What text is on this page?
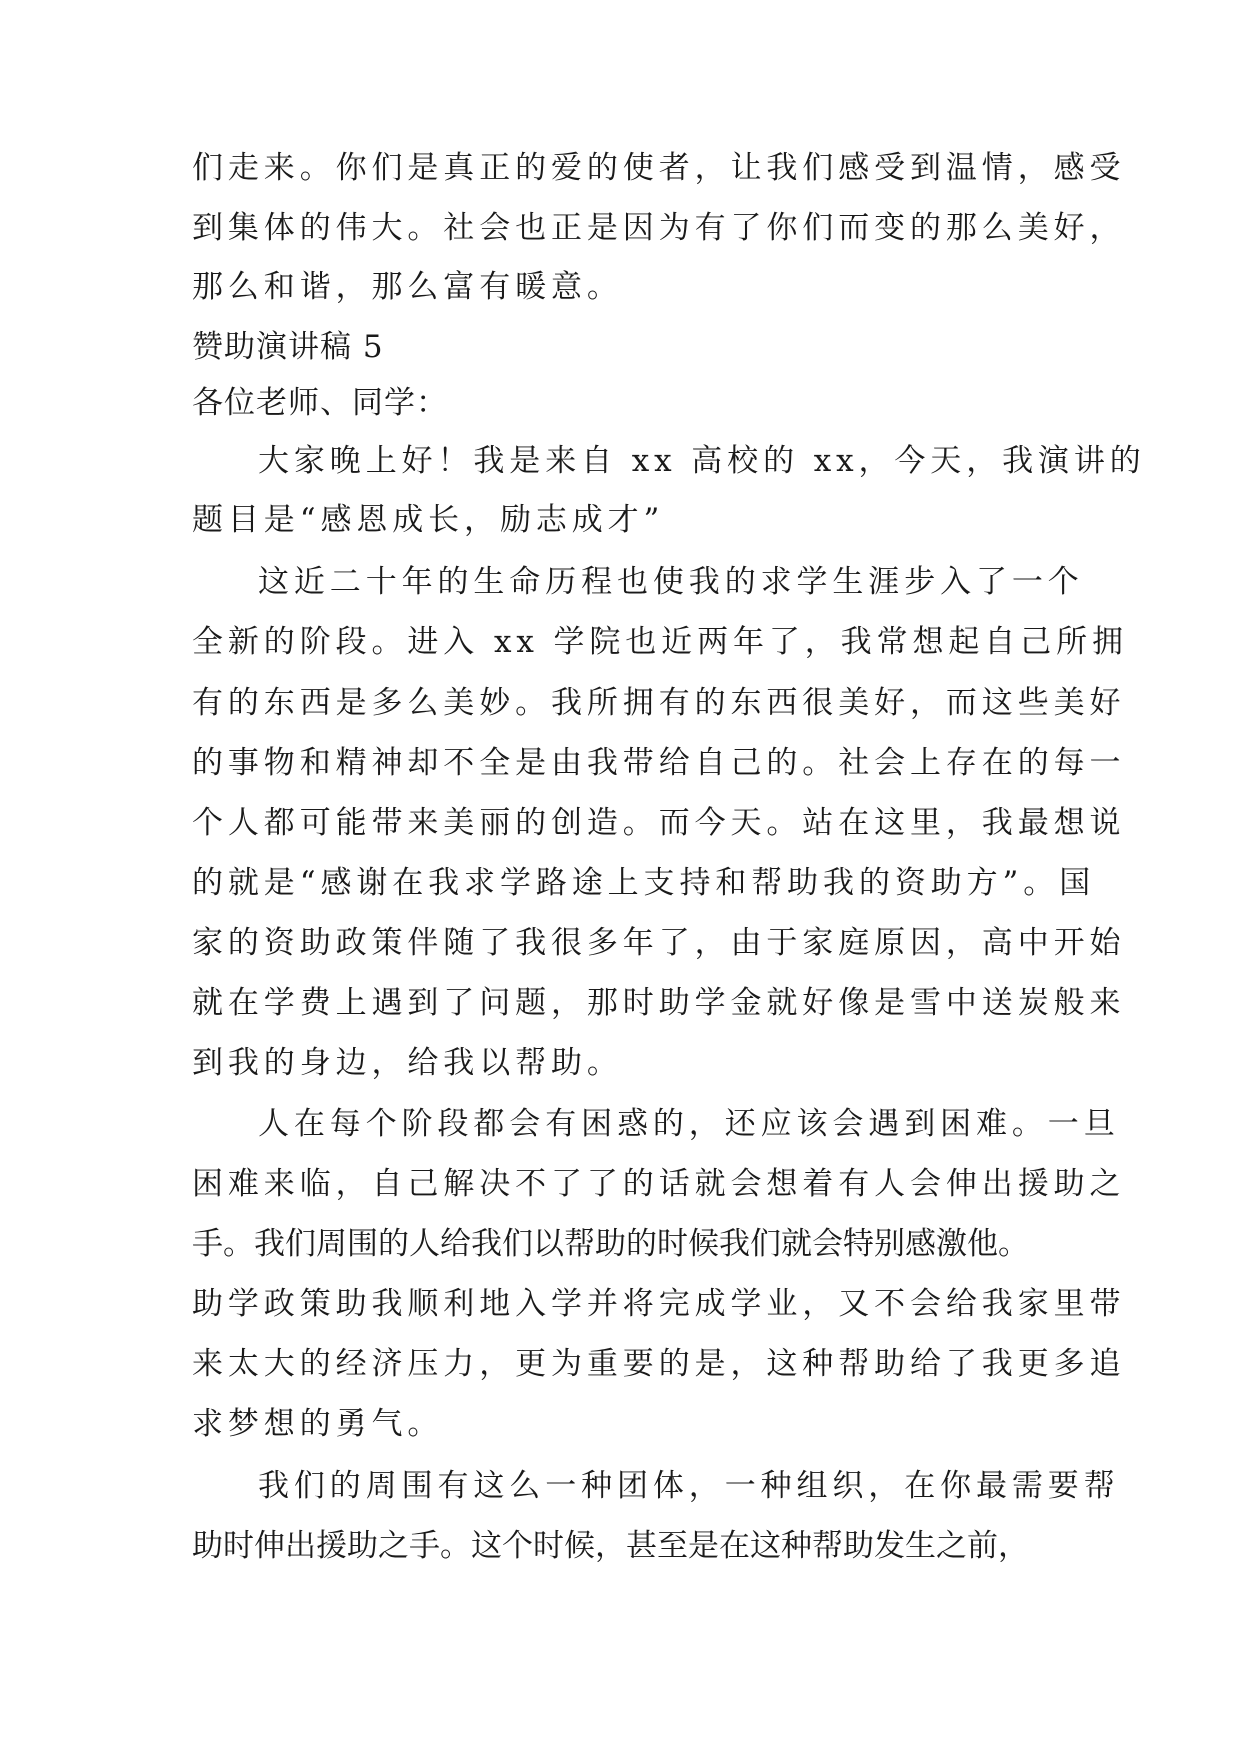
们走来。你们是真正的爱的使者，让我们感受到温情，感受
到集体的伟大。社会也正是因为有了你们而变的那么美好，
那么和谐，那么富有暖意。
赞助演讲稿 5
各位老师、同学：
大家晚上好！我是来自 xx 高校的 xx，今天，我演讲的
题目是“感恩成长，励志成才”
这近二十年的生命历程也使我的求学生涯步入了一个
全新的阶段。进入 xx 学院也近两年了，我常想起自己所拥
有的东西是多么美妙。我所拥有的东西很美好，而这些美好
的事物和精神却不全是由我带给自己的。社会上存在的每一
个人都可能带来美丽的创造。而今天。站在这里，我最想说
的就是“感谢在我求学路途上支持和帮助我的资助方”。国
家的资助政策伴随了我很多年了，由于家庭原因，高中开始
就在学费上遇到了问题，那时助学金就好像是雪中送炭般来
到我的身边，给我以帮助。
人在每个阶段都会有困惑的，还应该会遇到困难。一旦
困难来临，自己解决不了了的话就会想着有人会伸出援助之
手。我们周围的人给我们以帮助的时候我们就会特别感激他。
助学政策助我顺利地入学并将完成学业，又不会给我家里带
来太大的经济压力，更为重要的是，这种帮助给了我更多追
求梦想的勇气。
我们的周围有这么一种团体，一种组织，在你最需要帮
助时伸出援助之手。这个时候，甚至是在这种帮助发生之前，
